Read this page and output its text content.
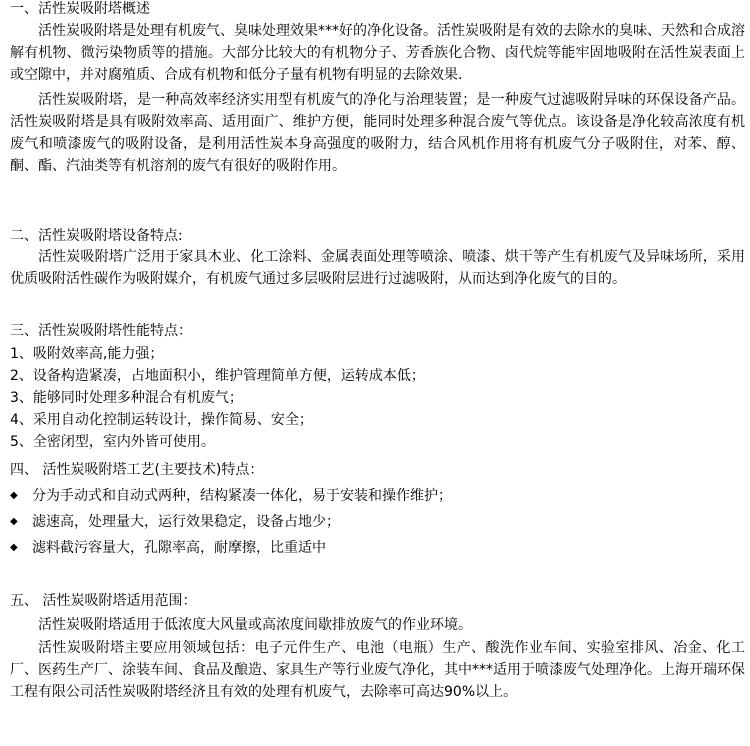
一、活性炭吸附塔概述
活性炭吸附塔是处理有机废气、臭味处理效果***好的净化设备。活性炭吸附是有效的去除水的臭味、天然和合成溶解有机物、微污染物质等的措施。大部分比较大的有机物分子、芳香族化合物、卤代烷等能牢固地吸附在活性炭表面上或空隙中，并对腐殖质、合成有机物和低分子量有机物有明显的去除效果.
活性炭吸附塔，是一种高效率经济实用型有机废气的净化与治理装置；是一种废气过滤吸附异味的环保设备产品。活性炭吸附塔是具有吸附效率高、适用面广、维护方便，能同时处理多种混合废气等优点。该设备是净化较高浓度有机废气和喷漆废气的吸附设备，是利用活性炭本身高强度的吸附力，结合风机作用将有机废气分子吸附住，对苯、醇、酮、酯、汽油类等有机溶剂的废气有很好的吸附作用。
二、活性炭吸附塔设备特点:
活性炭吸附塔广泛用于家具木业、化工涂料、金属表面处理等喷涂、喷漆、烘干等产生有机废气及异味场所，采用优质吸附活性碳作为吸附媒介，有机废气通过多层吸附层进行过滤吸附，从而达到净化废气的目的。
三、活性炭吸附塔性能特点：
1、吸附效率高,能力强；
2、设备构造紧凑，占地面积小，维护管理简单方便，运转成本低；
3、能够同时处理多种混合有机废气；
4、采用自动化控制运转设计，操作简易、安全；
5、全密闭型，室内外皆可使用。
四、 活性炭吸附塔工艺(主要技术)特点：
◆	分为手动式和自动式两种，结构紧凑一体化，易于安装和操作维护；
◆	滤速高，处理量大，运行效果稳定，设备占地少；
◆	滤料截污容量大，孔隙率高，耐摩擦，比重适中
五、 活性炭吸附塔适用范围：
活性炭吸附塔适用于低浓度大风量或高浓度间歇排放废气的作业环境。
活性炭吸附塔主要应用领域包括：电子元件生产、电池（电瓶）生产、酸洗作业车间、实验室排风、冶金、化工厂、医药生产厂、涂装车间、食品及酿造、家具生产等行业废气净化，其中***适用于喷漆废气处理净化。上海开瑞环保工程有限公司活性炭吸附塔经济且有效的处理有机废气，去除率可高达90%以上。
